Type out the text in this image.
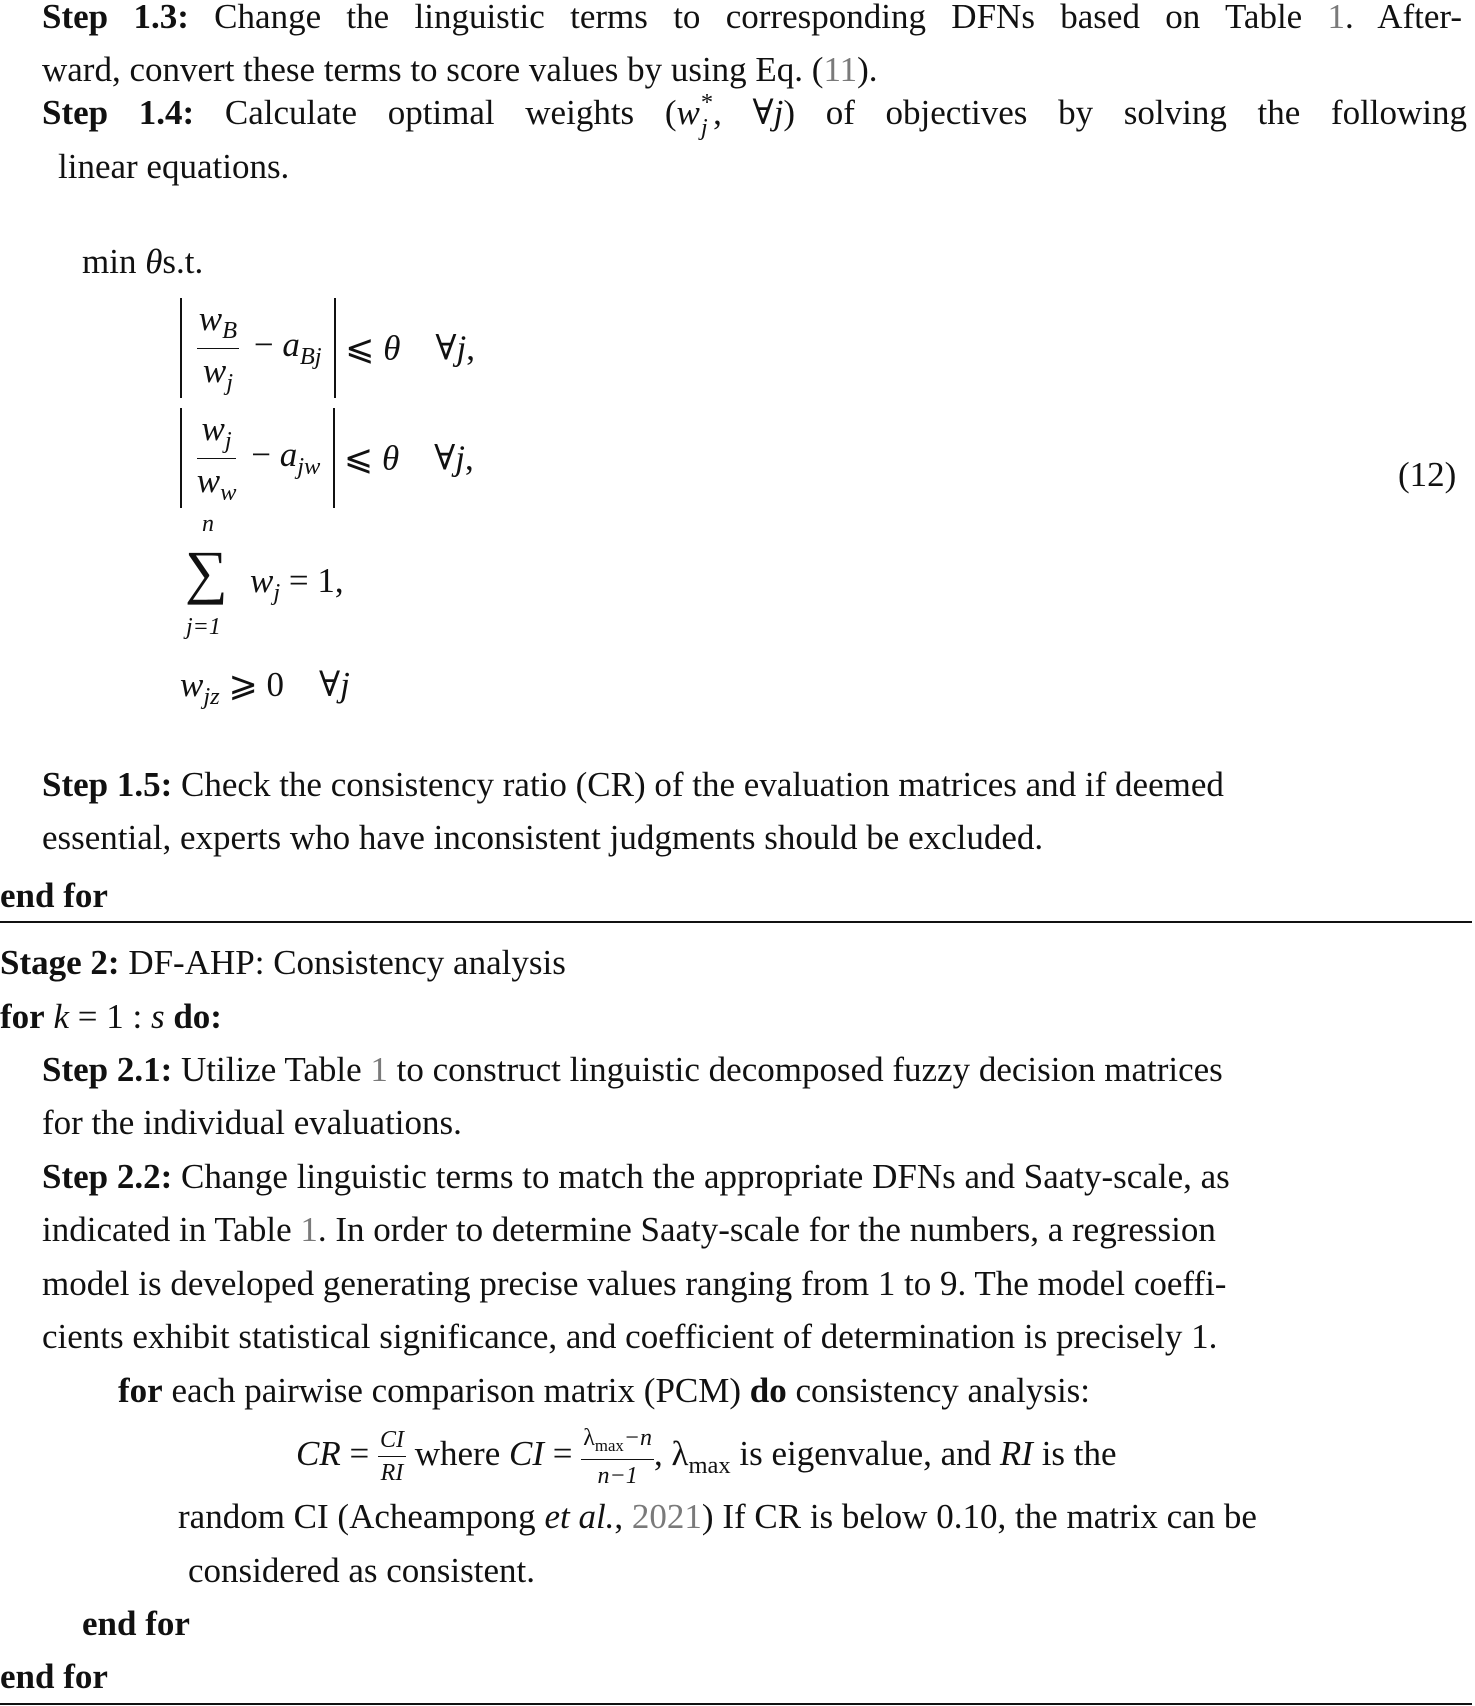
Step 1.3: Change the linguistic terms to corresponding DFNs based on Table 1. After-
ward, convert these terms to score values by using Eq. (11).
Step 1.4: Calculate optimal weights (w *
j , ∀j) of objectives by solving the following
linear equations.
min θs.t.

$\frac{w_B}{w_j} - a_{Bj}$ ⩽ θ ∀j,

$\frac{w_j}{w_w} - a_{jw}$ ⩽ θ ∀j,	(12)
n
∑
j=1
$w_j = 1$,
$w_{jz}$ ⩾ 0 ∀j
Step 1.5: Check the consistency ratio (CR) of the evaluation matrices and if deemed
essential, experts who have inconsistent judgments should be excluded.
end for
Stage 2: DF-AHP: Consistency analysis
for k = 1 : s do:
Step 2.1: Utilize Table 1 to construct linguistic decomposed fuzzy decision matrices
for the individual evaluations.
Step 2.2: Change linguistic terms to match the appropriate DFNs and Saaty-scale, as
indicated in Table 1. In order to determine Saaty-scale for the numbers, a regression
model is developed generating precise values ranging from 1 to 9. The model coeffi-
cients exhibit statistical significance, and coefficient of determination is precisely 1.
for each pairwise comparison matrix (PCM) do consistency analysis:
CR = $\frac{CI}{RI}$ where CI = $\frac{\lambda_{max}-n}{n-1}$ , $\lambda_{max}$ is eigenvalue, and RI is the
random CI (Acheampong et al., 2021) If CR is below 0.10, the matrix can be
considered as consistent.
end for
end for
